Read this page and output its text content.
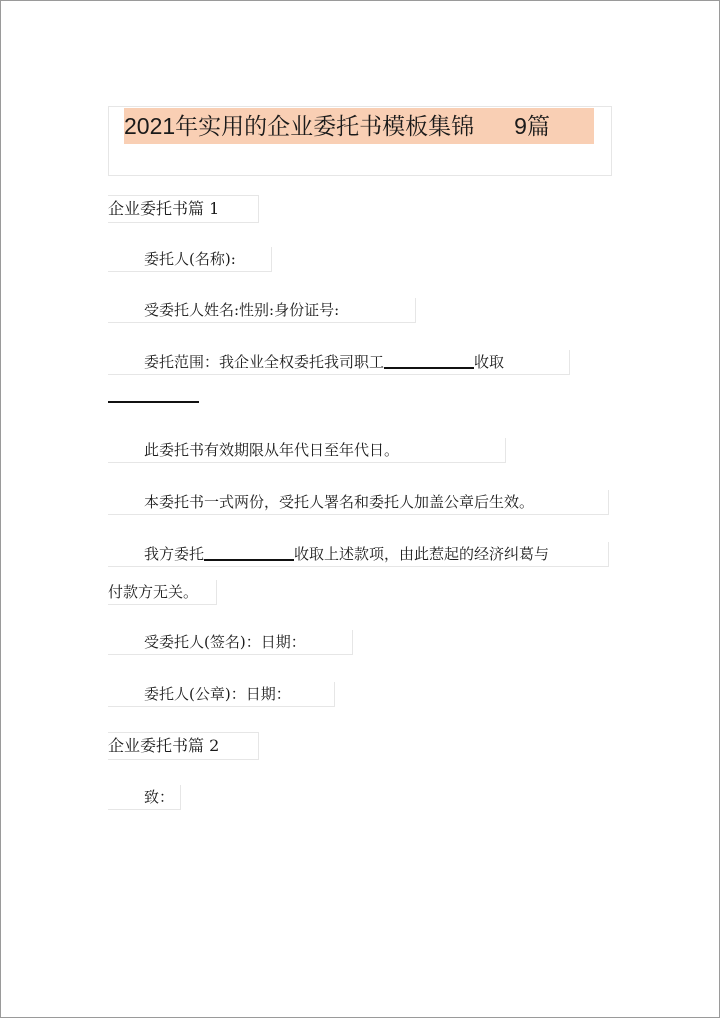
2021年实用的企业委托书模板集锦 9篇
企业委托书篇 1
委托人(名称):
受委托人姓名:性别:身份证号:
委托范围：我企业全权委托我司职工	收取
此委托书有效期限从年代日至年代日。
本委托书一式两份，受托人署名和委托人加盖公章后生效。
我方委托	收取上述款项，由此惹起的经济纠葛与
付款方无关。
受委托人(签名)：日期：
委托人(公章)：日期：
企业委托书篇 2
致：
